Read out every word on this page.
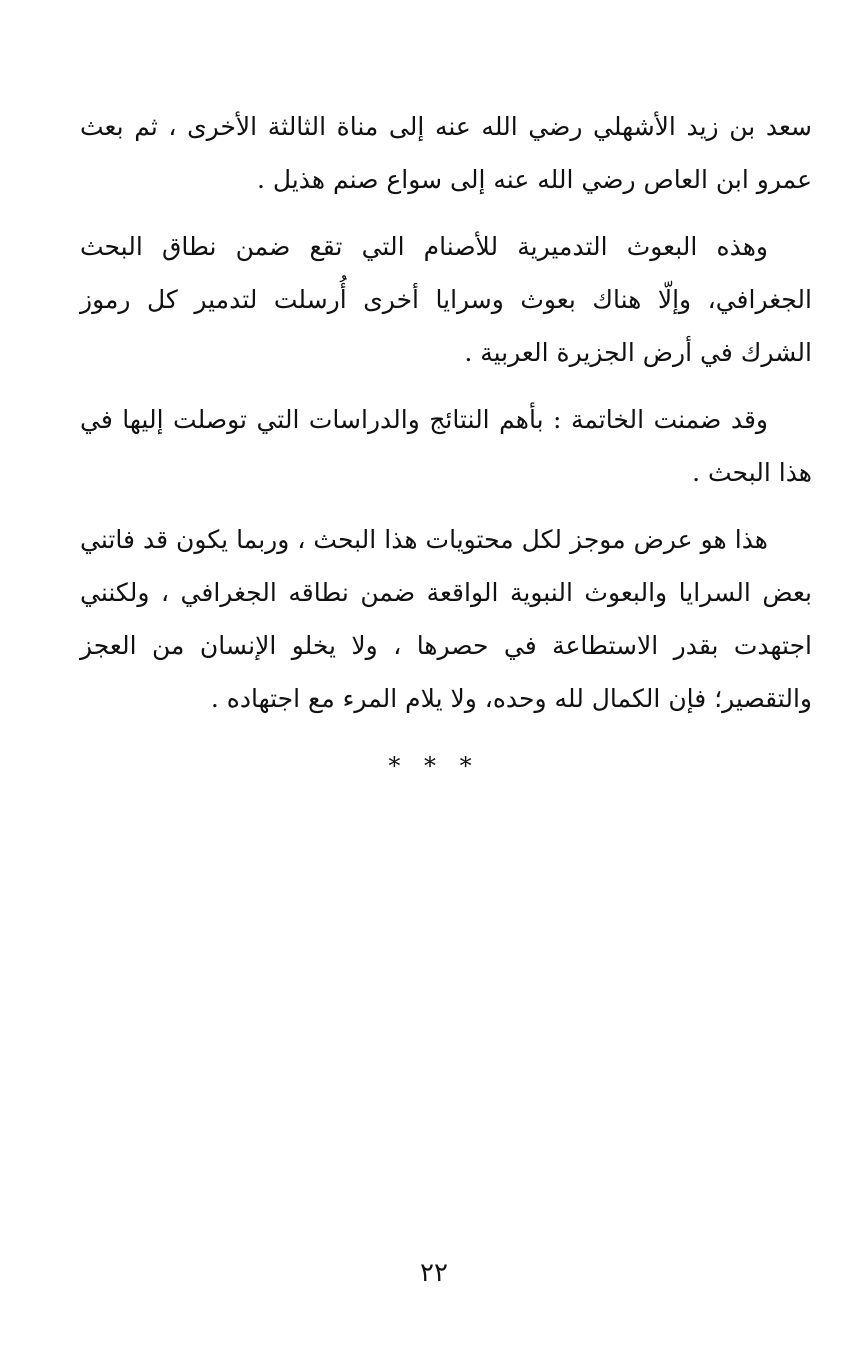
سعد بن زيد الأشهلي رضي الله عنه إلى مناة الثالثة الأخرى ، ثم بعث عمرو ابن العاص رضي الله عنه إلى سواع صنم هذيل .

وهذه البعوث التدميرية للأصنام التي تقع ضمن نطاق البحث الجغرافي، وإلّا هناك بعوث وسرايا أخرى أُرسلت لتدمير كل رموز الشرك في أرض الجزيرة العربية .

وقد ضمنت الخاتمة : بأهم النتائج والدراسات التي توصلت إليها في هذا البحث .

هذا هو عرض موجز لكل محتويات هذا البحث ، وربما يكون قد فاتني بعض السرايا والبعوث النبوية الواقعة ضمن نطاقه الجغرافي ، ولكنني اجتهدت بقدر الاستطاعة في حصرها ، ولا يخلو الإنسان من العجز والتقصير؛ فإن الكمال لله وحده، ولا يلام المرء مع اجتهاده .

* * *
٢٢
